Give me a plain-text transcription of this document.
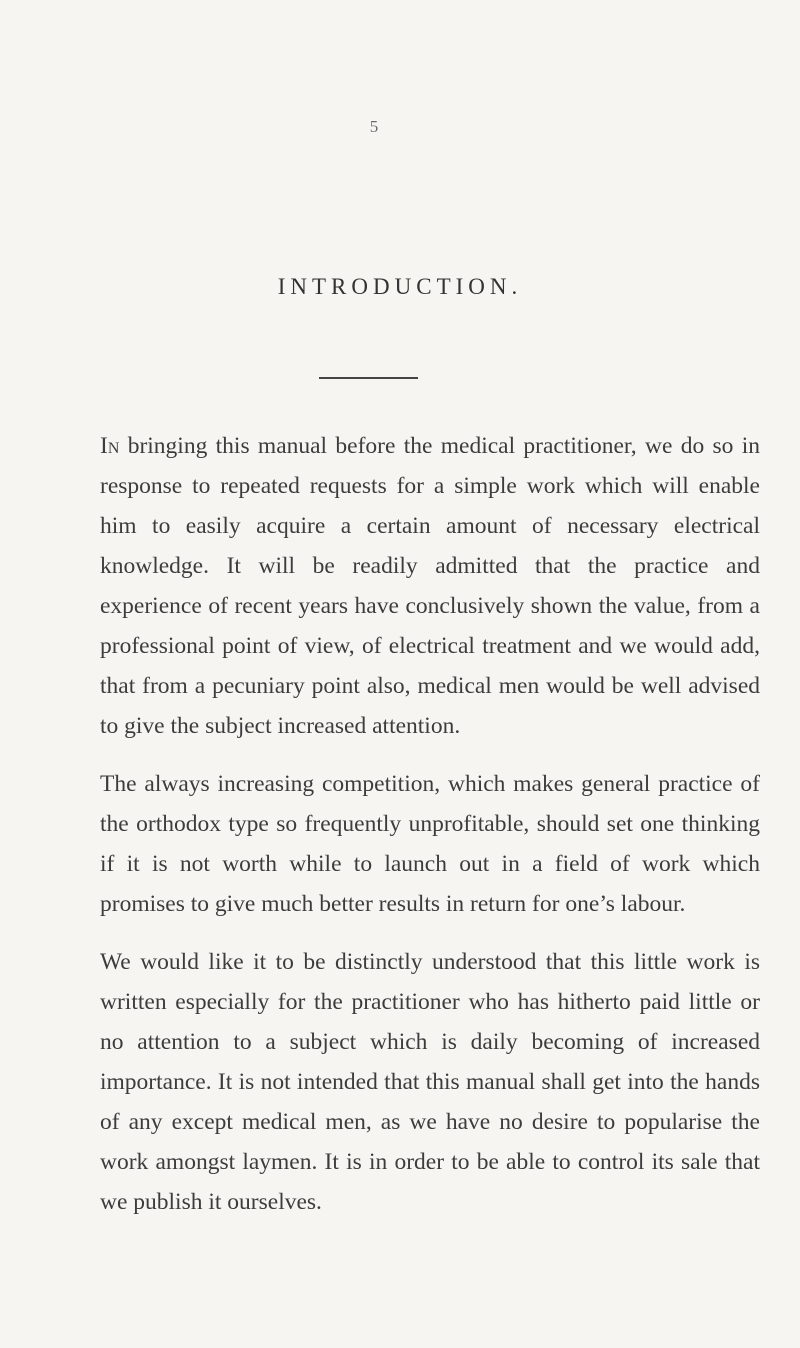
5
INTRODUCTION.

In bringing this manual before the medical practitioner, we do so in response to repeated requests for a simple work which will enable him to easily acquire a certain amount of necessary electrical knowledge. It will be readily admitted that the practice and experience of recent years have conclusively shown the value, from a professional point of view, of electrical treatment and we would add, that from a pecuniary point also, medical men would be well advised to give the subject increased attention.

The always increasing competition, which makes general practice of the orthodox type so frequently unprofitable, should set one thinking if it is not worth while to launch out in a field of work which promises to give much better results in return for one’s labour.

We would like it to be distinctly understood that this little work is written especially for the practitioner who has hitherto paid little or no attention to a subject which is daily becoming of increased importance. It is not intended that this manual shall get into the hands of any except medical men, as we have no desire to popularise the work amongst laymen. It is in order to be able to control its sale that we publish it ourselves.
